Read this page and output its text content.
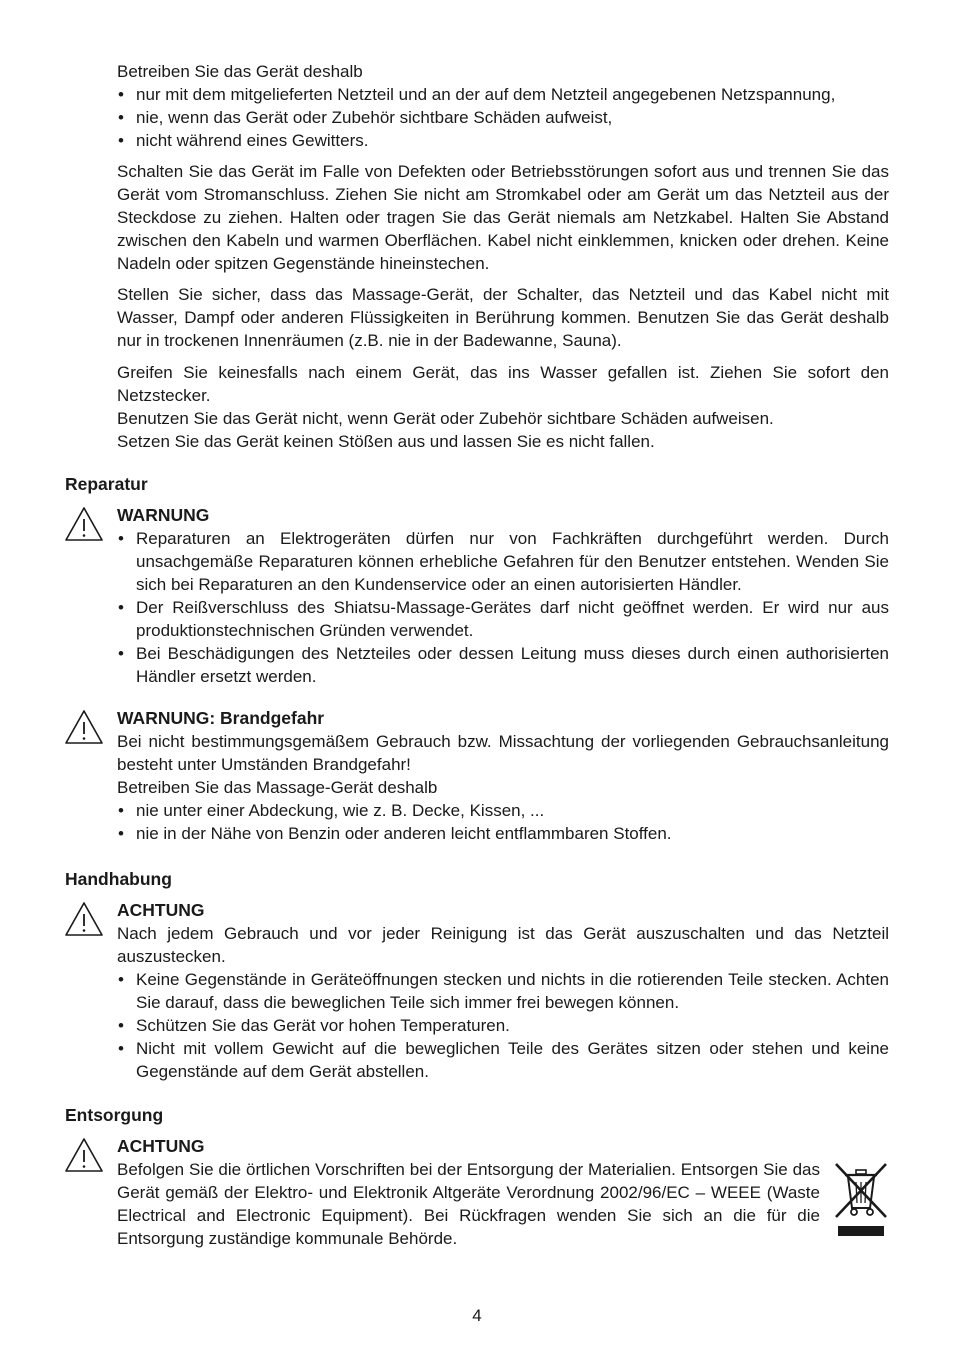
Betreiben Sie das Gerät deshalb
• nur mit dem mitgelieferten Netzteil und an der auf dem Netzteil angegebenen Netzspannung,
• nie, wenn das Gerät oder Zubehör sichtbare Schäden aufweist,
• nicht während eines Gewitters.
Schalten Sie das Gerät im Falle von Defekten oder Betriebsstörungen sofort aus und trennen Sie das Gerät vom Stromanschluss. Ziehen Sie nicht am Stromkabel oder am Gerät um das Netzteil aus der Steckdose zu ziehen. Halten oder tragen Sie das Gerät niemals am Netzkabel. Halten Sie Abstand zwischen den Kabeln und warmen Oberflächen. Kabel nicht einklemmen, knicken oder drehen. Keine Nadeln oder spitzen Gegenstände hineinstechen.
Stellen Sie sicher, dass das Massage-Gerät, der Schalter, das Netzteil und das Kabel nicht mit Wasser, Dampf oder anderen Flüssigkeiten in Berührung kommen. Benutzen Sie das Gerät deshalb nur in trockenen Innenräumen (z.B. nie in der Badewanne, Sauna).
Greifen Sie keinesfalls nach einem Gerät, das ins Wasser gefallen ist. Ziehen Sie sofort den Netzstecker.
Benutzen Sie das Gerät nicht, wenn Gerät oder Zubehör sichtbare Schäden aufweisen.
Setzen Sie das Gerät keinen Stößen aus und lassen Sie es nicht fallen.
Reparatur
WARNUNG
• Reparaturen an Elektrogeräten dürfen nur von Fachkräften durchgeführt werden. Durch unsachgemäße Reparaturen können erhebliche Gefahren für den Benutzer entstehen. Wenden Sie sich bei Reparaturen an den Kundenservice oder an einen autorisierten Händler.
• Der Reißverschluss des Shiatsu-Massage-Gerätes darf nicht geöffnet werden. Er wird nur aus produktionstechnischen Gründen verwendet.
• Bei Beschädigungen des Netzteiles oder dessen Leitung muss dieses durch einen authorisierten Händler ersetzt werden.
WARNUNG: Brandgefahr
Bei nicht bestimmungsgemäßem Gebrauch bzw. Missachtung der vorliegenden Gebrauchsanleitung besteht unter Umständen Brandgefahr!
Betreiben Sie das Massage-Gerät deshalb
• nie unter einer Abdeckung, wie z. B. Decke, Kissen, ...
• nie in der Nähe von Benzin oder anderen leicht entflammbaren Stoffen.
Handhabung
ACHTUNG
Nach jedem Gebrauch und vor jeder Reinigung ist das Gerät auszuschalten und das Netzteil auszustecken.
• Keine Gegenstände in Geräteöffnungen stecken und nichts in die rotierenden Teile stecken. Achten Sie darauf, dass die beweglichen Teile sich immer frei bewegen können.
• Schützen Sie das Gerät vor hohen Temperaturen.
• Nicht mit vollem Gewicht auf die beweglichen Teile des Gerätes sitzen oder stehen und keine Gegenstände auf dem Gerät abstellen.
Entsorgung
ACHTUNG
Befolgen Sie die örtlichen Vorschriften bei der Entsorgung der Materialien. Entsorgen Sie das Gerät gemäß der Elektro- und Elektronik Altgeräte Verordnung 2002/96/EC – WEEE (Waste Electrical and Electronic Equipment). Bei Rückfragen wenden Sie sich an die für die Entsorgung zuständige kommunale Behörde.
4
